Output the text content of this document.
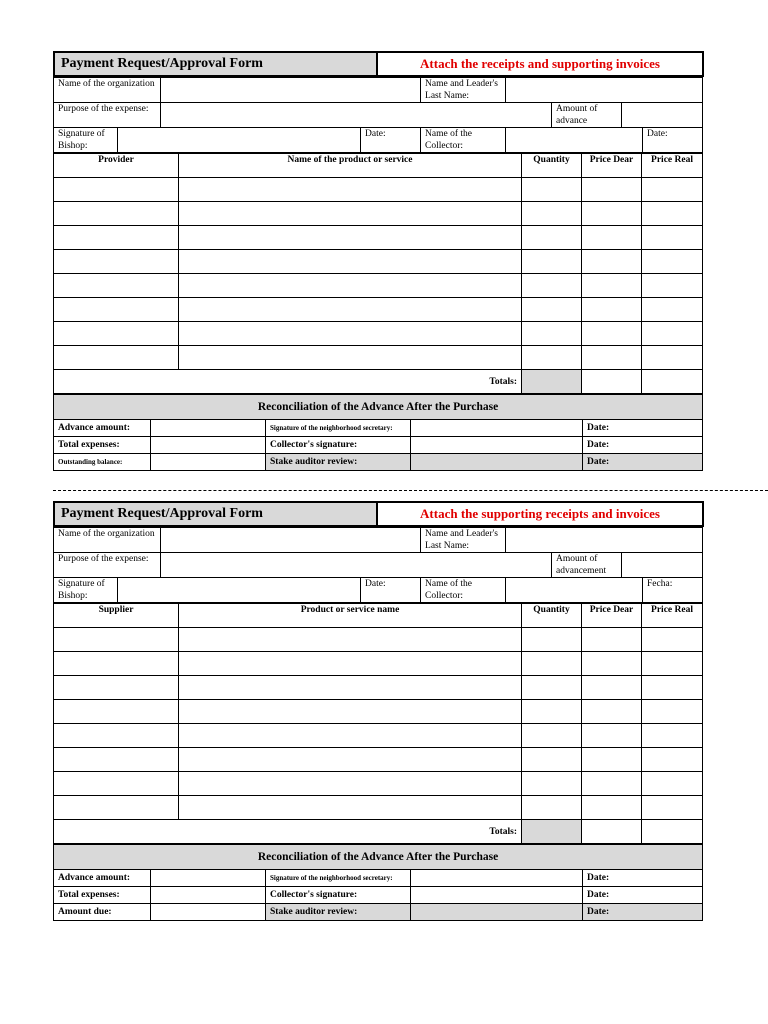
Payment Request/Approval Form	Attach the receipts and supporting invoices
Name of the organization				Name and Leader's Last Name:				
Purpose of the expense:						Amount of advance		
Signature of Bishop:			Date:	Name of the Collector:				Date:
Provider	Name of the product or service	Quantity	Price Dear	Price Real

Totals:				
Reconciliation of the Advance After the Purchase				
Advance amount:		Signature of the neighborhood secretary:		Date:
Total expenses:		Collector's signature:		Date:
Outstanding balance:		Stake auditor review:		Date:
Payment Request/Approval Form	Attach the supporting receipts and invoices
Name of the organization				Name and Leader's Last Name:				
Purpose of the expense:						Amount of advancement		
Signature of Bishop:			Date:	Name of the Collector:				Fecha:
Supplier	Product or service name	Quantity	Price Dear	Price Real

Totals:				
Reconciliation of the Advance After the Purchase				
Advance amount:		Signature of the neighborhood secretary:		Date:
Total expenses:		Collector's signature:		Date:
Amount due:		Stake auditor review:		Date:
